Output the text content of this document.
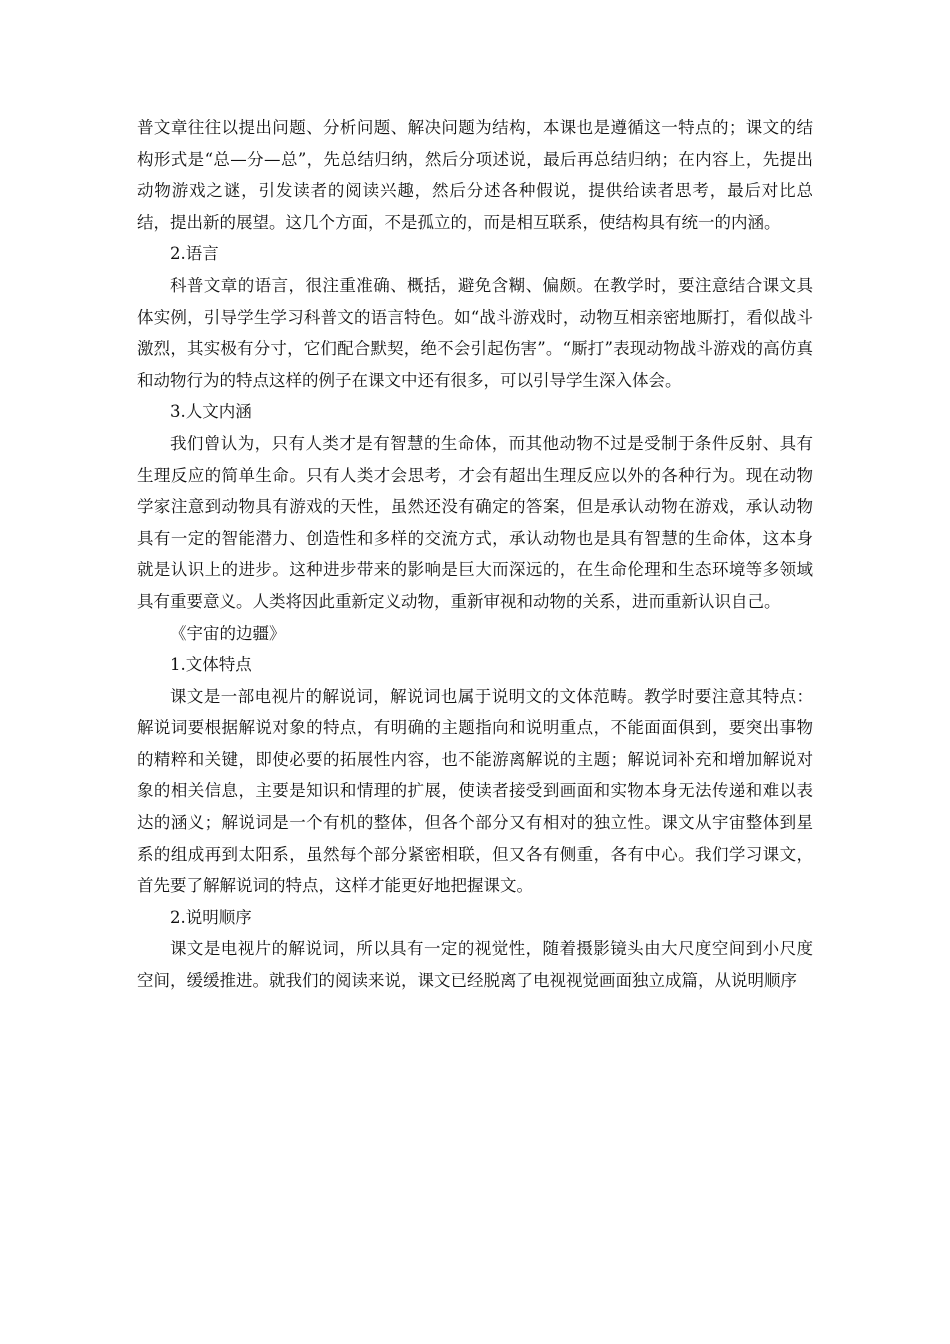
普文章往往以提出问题、分析问题、解决问题为结构，本课也是遵循这一特点的；课文的结构形式是“总—分—总”，先总结归纳，然后分项述说，最后再总结归纳；在内容上，先提出动物游戏之谜，引发读者的阅读兴趣，然后分述各种假说，提供给读者思考，最后对比总结，提出新的展望。这几个方面，不是孤立的，而是相互联系，使结构具有统一的内涵。

2.语言

科普文章的语言，很注重准确、概括，避免含糊、偏颇。在教学时，要注意结合课文具体实例，引导学生学习科普文的语言特色。如“战斗游戏时，动物互相亲密地厮打，看似战斗激烈，其实极有分寸，它们配合默契，绝不会引起伤害”。“厮打”表现动物战斗游戏的高仿真和动物行为的特点这样的例子在课文中还有很多，可以引导学生深入体会。

3.人文内涵

我们曾认为，只有人类才是有智慧的生命体，而其他动物不过是受制于条件反射、具有生理反应的简单生命。只有人类才会思考，才会有超出生理反应以外的各种行为。现在动物学家注意到动物具有游戏的天性，虽然还没有确定的答案，但是承认动物在游戏，承认动物具有一定的智能潜力、创造性和多样的交流方式，承认动物也是具有智慧的生命体，这本身就是认识上的进步。这种进步带来的影响是巨大而深远的，在生命伦理和生态环境等多领域具有重要意义。人类将因此重新定义动物，重新审视和动物的关系，进而重新认识自己。

《宇宙的边疆》

1.文体特点

课文是一部电视片的解说词，解说词也属于说明文的文体范畴。教学时要注意其特点：解说词要根据解说对象的特点，有明确的主题指向和说明重点，不能面面俱到，要突出事物的精粹和关键，即使必要的拓展性内容，也不能游离解说的主题；解说词补充和增加解说对象的相关信息，主要是知识和情理的扩展，使读者接受到画面和实物本身无法传递和难以表达的涵义；解说词是一个有机的整体，但各个部分又有相对的独立性。课文从宇宙整体到星系的组成再到太阳系，虽然每个部分紧密相联，但又各有侧重，各有中心。我们学习课文，首先要了解解说词的特点，这样才能更好地把握课文。

2.说明顺序

课文是电视片的解说词，所以具有一定的视觉性，随着摄影镜头由大尺度空间到小尺度空间，缓缓推进。就我们的阅读来说，课文已经脱离了电视视觉画面独立成篇，从说明顺序
